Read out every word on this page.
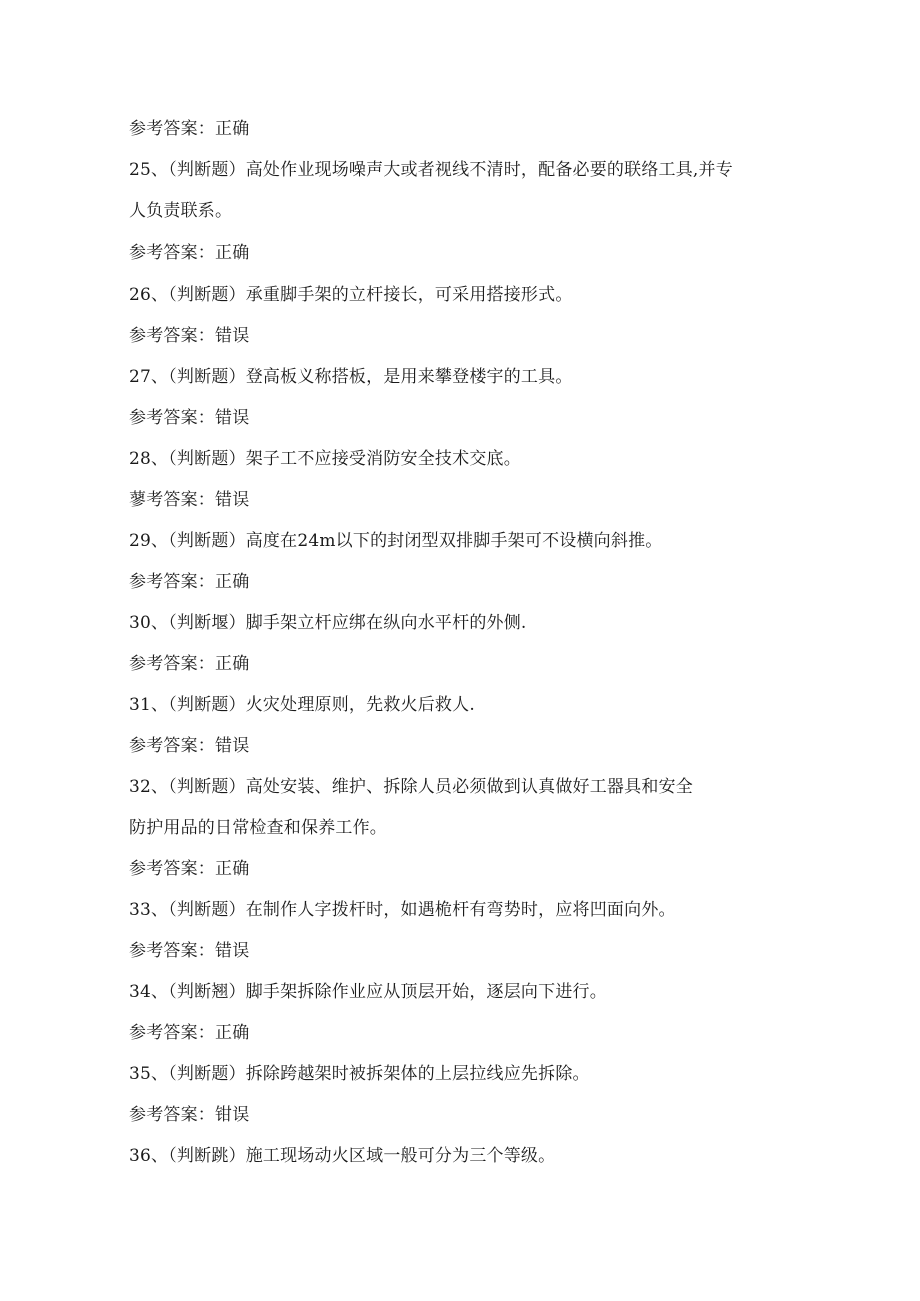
参考答案：正确
25、（判断题）高处作业现场噪声大或者视线不清时，配备必要的联络工具,并专
人负责联系。
参考答案：正确
26、（判断题）承重脚手架的立杆接长，可采用搭接形式。
参考答案：错误
27、（判断题）登高板义称搭板，是用来攀登楼宇的工具。
参考答案：错误
28、（判断题）架子工不应接受消防安全技术交底。
蓼考答案：错误
29、（判断题）高度在24m以下的封闭型双排脚手架可不设横向斜推。
参考答案：正确
30、（判断堰）脚手架立杆应绑在纵向水平杆的外侧.
参考答案：正确
31、（判断题）火灾处理原则，先救火后救人.
参考答案：错误
32、（判断题）高处安装、维护、拆除人员必须做到认真做好工器具和安全
防护用品的日常检查和保养工作。
参考答案：正确
33、（判断题）在制作人字拨杆时，如遇桅杆有弯势时，应将凹面向外。
参考答案：错误
34、（判断翘）脚手架拆除作业应从顶层开始，逐层向下进行。
参考答案：正确
35、（判断题）拆除跨越架时被拆架体的上层拉线应先拆除。
参考答案：钳误
36、（判断跳）施工现场动火区域一般可分为三个等级。
